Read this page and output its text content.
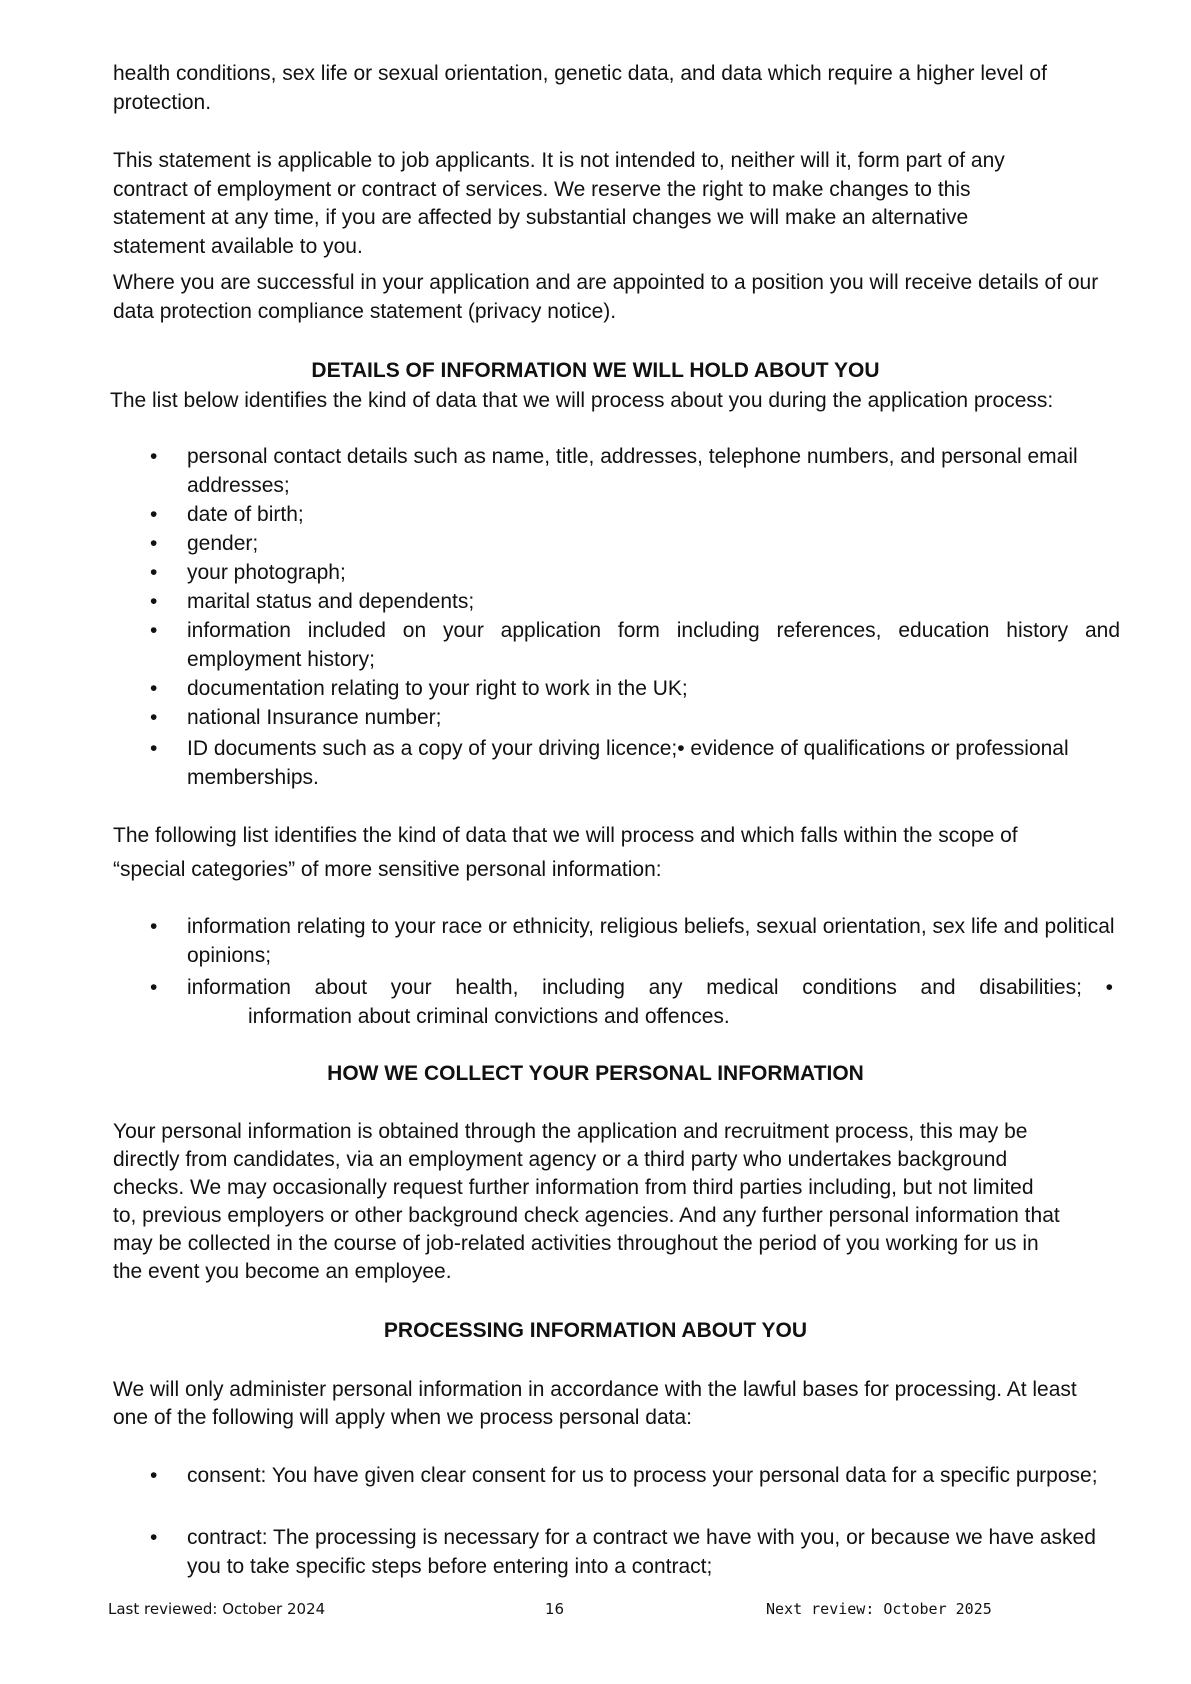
health conditions, sex life or sexual orientation, genetic data, and data which require a higher level of protection.

This statement is applicable to job applicants. It is not intended to, neither will it, form part of any contract of employment or contract of services. We reserve the right to make changes to this statement at any time, if you are affected by substantial changes we will make an alternative statement available to you.

Where you are successful in your application and are appointed to a position you will receive details of our data protection compliance statement (privacy notice).

DETAILS OF INFORMATION WE WILL HOLD ABOUT YOU

The list below identifies the kind of data that we will process about you during the application process:

•	personal contact details such as name, title, addresses, telephone numbers, and personal email addresses;
•	date of birth;
•	gender;
•	your photograph;
•	marital status and dependents;
•	information included on your application form including references, education history and employment history;
•	documentation relating to your right to work in the UK;
•	national Insurance number;
•	ID documents such as a copy of your driving licence;• evidence of qualifications or professional memberships.

The following list identifies the kind of data that we will process and which falls within the scope of

“special categories” of more sensitive personal information:

•	information relating to your race or ethnicity, religious beliefs, sexual orientation, sex life and political opinions;
•	information about your health, including any medical conditions and disabilities; •

information about criminal convictions and offences.

HOW WE COLLECT YOUR PERSONAL INFORMATION

Your personal information is obtained through the application and recruitment process, this may be

directly from candidates, via an employment agency or a third party who undertakes background

checks. We may occasionally request further information from third parties including, but not limited

to, previous employers or other background check agencies. And any further personal information that

may be collected in the course of job-related activities throughout the period of you working for us in

the event you become an employee.

PROCESSING INFORMATION ABOUT YOU

We will only administer personal information in accordance with the lawful bases for processing. At least

one of the following will apply when we process personal data:

•	consent: You have given clear consent for us to process your personal data for a specific purpose;
•	contract: The processing is necessary for a contract we have with you, or because we have asked you to take specific steps before entering into a contract;
Last reviewed: October 2024	16	Next review: October 2025
